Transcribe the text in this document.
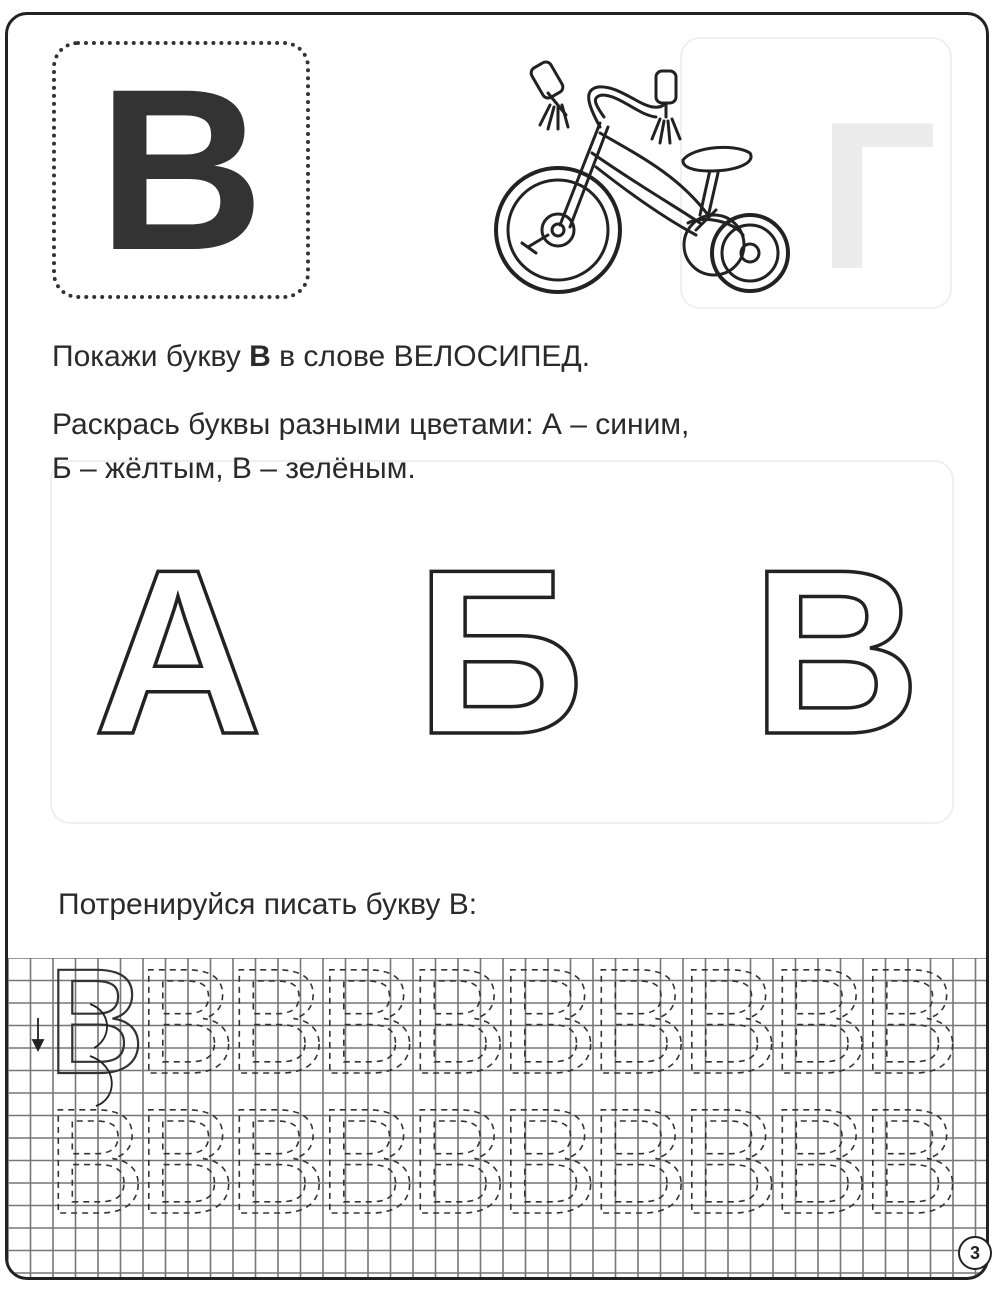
Г
В
Покажи букву В в слове ВЕЛОСИПЕД.
Раскрась буквы разными цветами: А – синим,
Б – жёлтым, В – зелёным.
А Б В
Потренируйся писать букву В:
В
В
В
В
В
В
В
В
В
В
В
В
В
В
В
В
В
В
В
В
3
